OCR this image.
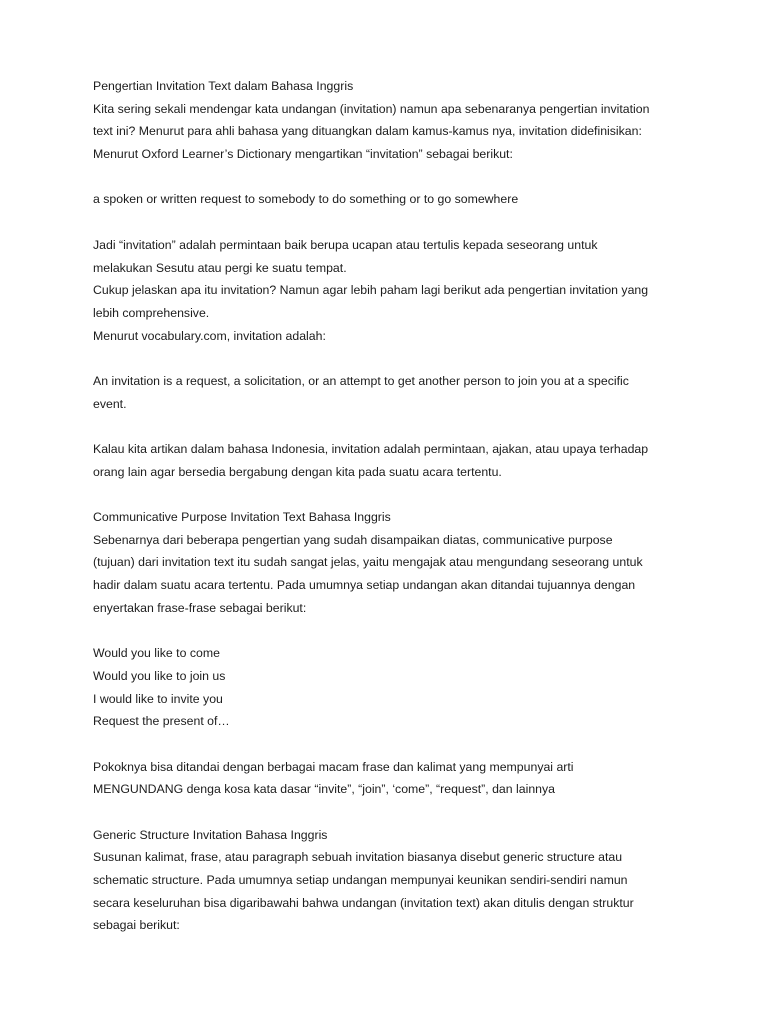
Pengertian Invitation Text dalam Bahasa Inggris
Kita sering sekali mendengar kata undangan (invitation) namun apa sebenaranya pengertian invitation
text ini? Menurut para ahli bahasa yang dituangkan dalam kamus-kamus nya, invitation didefinisikan:
Menurut Oxford Learner’s Dictionary mengartikan “invitation” sebagai berikut:
a spoken or written request to somebody to do something or to go somewhere
Jadi “invitation” adalah permintaan baik berupa ucapan atau tertulis kepada seseorang untuk
melakukan Sesutu atau pergi ke suatu tempat.
Cukup jelaskan apa itu invitation? Namun agar lebih paham lagi berikut ada pengertian invitation yang
lebih comprehensive.
Menurut vocabulary.com, invitation adalah:
An invitation is a request, a solicitation, or an attempt to get another person to join you at a specific
event.
Kalau kita artikan dalam bahasa Indonesia, invitation adalah permintaan, ajakan, atau upaya terhadap
orang lain agar bersedia bergabung dengan kita pada suatu acara tertentu.
Communicative Purpose Invitation Text Bahasa Inggris
Sebenarnya dari beberapa pengertian yang sudah disampaikan diatas, communicative purpose
(tujuan) dari invitation text itu sudah sangat jelas, yaitu mengajak atau mengundang seseorang untuk
hadir dalam suatu acara tertentu. Pada umumnya setiap undangan akan ditandai tujuannya dengan
enyertakan frase-frase sebagai berikut:
Would you like to come
Would you like to join us
I would like to invite you
Request the present of…
Pokoknya bisa ditandai dengan berbagai macam frase dan kalimat yang mempunyai arti
MENGUNDANG denga kosa kata dasar “invite”, “join”, ‘come”, “request”, dan lainnya
Generic Structure Invitation Bahasa Inggris
Susunan kalimat, frase, atau paragraph sebuah invitation biasanya disebut generic structure atau
schematic structure. Pada umumnya setiap undangan mempunyai keunikan sendiri-sendiri namun
secara keseluruhan bisa digaribawahi bahwa undangan (invitation text) akan ditulis dengan struktur
sebagai berikut:
